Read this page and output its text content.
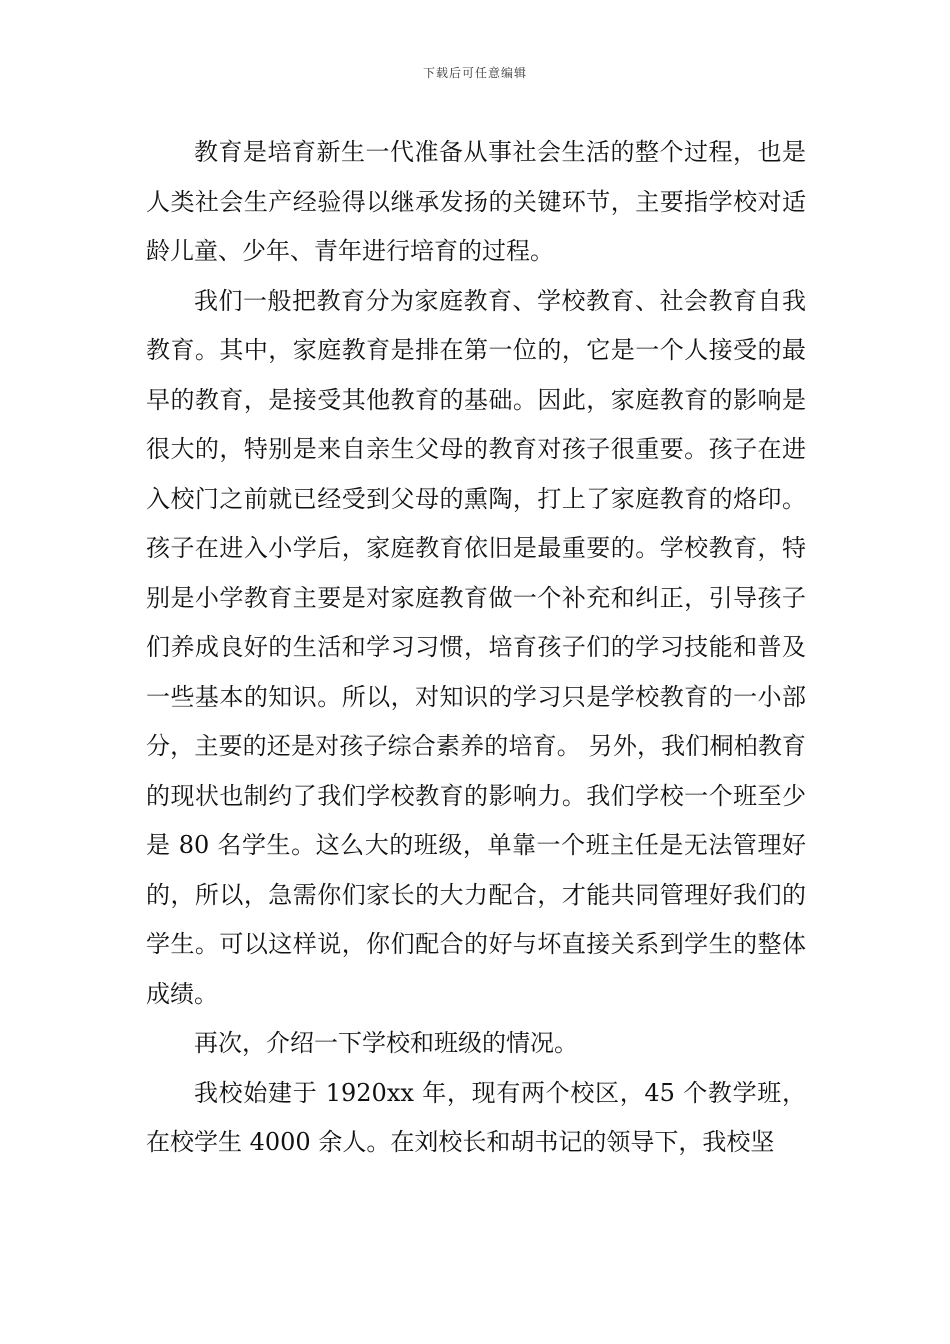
下载后可任意编辑

教育是培育新生一代准备从事社会生活的整个过程，也是人类社会生产经验得以继承发扬的关键环节，主要指学校对适龄儿童、少年、青年进行培育的过程。

我们一般把教育分为家庭教育、学校教育、社会教育自我教育。其中，家庭教育是排在第一位的，它是一个人接受的最早的教育，是接受其他教育的基础。因此，家庭教育的影响是很大的，特别是来自亲生父母的教育对孩子很重要。孩子在进入校门之前就已经受到父母的熏陶，打上了家庭教育的烙印。孩子在进入小学后，家庭教育依旧是最重要的。学校教育，特别是小学教育主要是对家庭教育做一个补充和纠正，引导孩子们养成良好的生活和学习习惯，培育孩子们的学习技能和普及一些基本的知识。所以，对知识的学习只是学校教育的一小部分，主要的还是对孩子综合素养的培育。 另外，我们桐柏教育的现状也制约了我们学校教育的影响力。我们学校一个班至少是 80 名学生。这么大的班级，单靠一个班主任是无法管理好的，所以，急需你们家长的大力配合，才能共同管理好我们的学生。可以这样说，你们配合的好与坏直接关系到学生的整体成绩。

再次，介绍一下学校和班级的情况。

我校始建于 1920xx 年，现有两个校区，45 个教学班，在校学生 4000 余人。在刘校长和胡书记的领导下，我校坚
